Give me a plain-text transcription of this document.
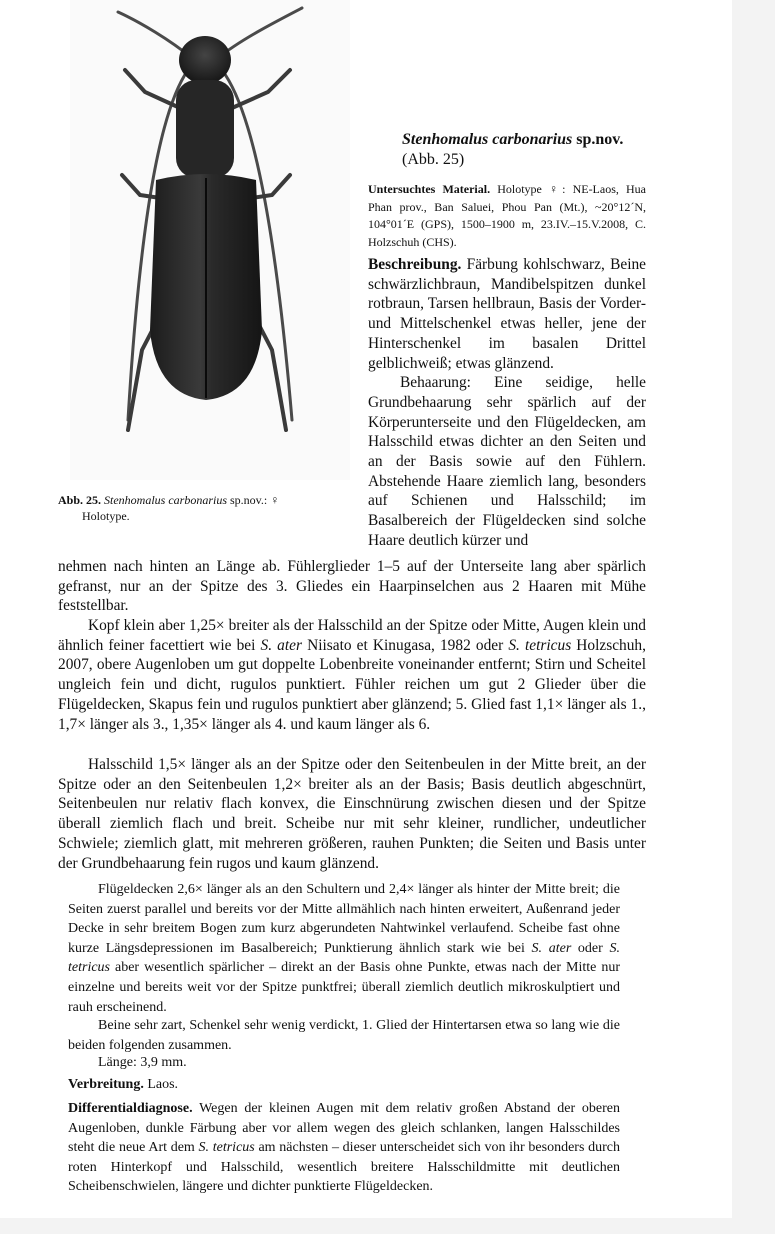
Abb. 25. Stenhomalus carbonarius sp.nov.: ♀
Holotype.
Stenhomalus carbonarius sp.nov.
(Abb. 25)
Untersuchtes Material. Holotype ♀: NE-Laos, Hua Phan prov., Ban Saluei, Phou Pan (Mt.), ~20°12´N, 104°01´E (GPS), 1500–1900 m, 23.IV.–15.V.2008, C. Holzschuh (CHS).

Beschreibung. Färbung kohlschwarz, Beine schwärzlichbraun, Mandibelspitzen dunkel rotbraun, Tarsen hellbraun, Basis der Vorder- und Mittelschenkel etwas heller, jene der Hinterschenkel im basalen Drittel gelblichweiß; etwas glänzend.

Behaarung: Eine seidige, helle Grundbehaarung sehr spärlich auf der Körperunterseite und den Flügeldecken, am Halsschild etwas dichter an den Seiten und an der Basis sowie auf den Fühlern. Abstehende Haare ziemlich lang, besonders auf Schienen und Halsschild; im Basalbereich der Flügeldecken sind solche Haare deutlich kürzer und

nehmen nach hinten an Länge ab. Fühlerglieder 1–5 auf der Unterseite lang aber spärlich gefranst, nur an der Spitze des 3. Gliedes ein Haarpinselchen aus 2 Haaren mit Mühe feststellbar.

Kopf klein aber 1,25× breiter als der Halsschild an der Spitze oder Mitte, Augen klein und ähnlich feiner facettiert wie bei S. ater Niisato et Kinugasa, 1982 oder S. tetricus Holzschuh, 2007, obere Augenloben um gut doppelte Lobenbreite voneinander entfernt; Stirn und Scheitel ungleich fein und dicht, rugulos punktiert. Fühler reichen um gut 2 Glieder über die Flügeldecken, Skapus fein und rugulos punktiert aber glänzend; 5. Glied fast 1,1× länger als 1., 1,7× länger als 3., 1,35× länger als 4. und kaum länger als 6.

Halsschild 1,5× länger als an der Spitze oder den Seitenbeulen in der Mitte breit, an der Spitze oder an den Seitenbeulen 1,2× breiter als an der Basis; Basis deutlich abgeschnürt, Seitenbeulen nur relativ flach konvex, die Einschnürung zwischen diesen und der Spitze überall ziemlich flach und breit. Scheibe nur mit sehr kleiner, rundlicher, undeutlicher Schwiele; ziemlich glatt, mit mehreren größeren, rauhen Punkten; die Seiten und Basis unter der Grundbehaarung fein rugos und kaum glänzend.

Flügeldecken 2,6× länger als an den Schultern und 2,4× länger als hinter der Mitte breit; die Seiten zuerst parallel und bereits vor der Mitte allmählich nach hinten erweitert, Außenrand jeder Decke in sehr breitem Bogen zum kurz abgerundeten Nahtwinkel verlaufend. Scheibe fast ohne kurze Längsdepressionen im Basalbereich; Punktierung ähnlich stark wie bei S. ater oder S. tetricus aber wesentlich spärlicher – direkt an der Basis ohne Punkte, etwas nach der Mitte nur einzelne und bereits weit vor der Spitze punktfrei; überall ziemlich deutlich mikroskulptiert und rauh erscheinend.

Beine sehr zart, Schenkel sehr wenig verdickt, 1. Glied der Hintertarsen etwa so lang wie die beiden folgenden zusammen.

Länge: 3,9 mm.

Verbreitung. Laos.

Differentialdiagnose. Wegen der kleinen Augen mit dem relativ großen Abstand der oberen Augenloben, dunkle Färbung aber vor allem wegen des gleich schlanken, langen Halsschildes steht die neue Art dem S. tetricus am nächsten – dieser unterscheidet sich von ihr besonders durch roten Hinterkopf und Halsschild, wesentlich breitere Halsschildmitte mit deutlichen Scheibenschwielen, längere und dichter punktierte Flügeldecken.
